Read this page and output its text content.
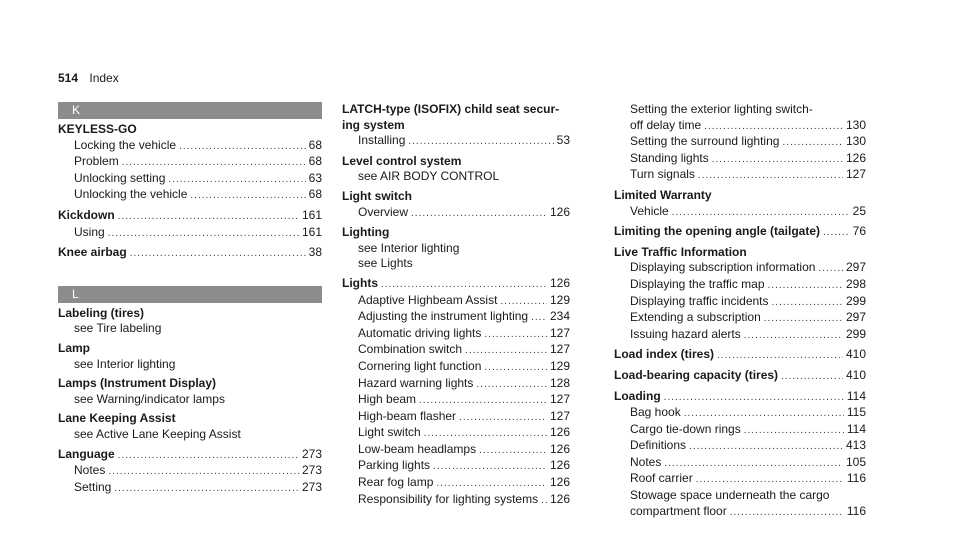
514 Index
K
KEYLESS-GO
Locking the vehicle .....	68
Problem .....	68
Unlocking setting .....	63
Unlocking the vehicle .....	68
Kickdown .....	161
Using .....	161
Knee airbag .....	38
L
Labeling (tires)
see Tire labeling
Lamp
see Interior lighting
Lamps (Instrument Display)
see Warning/indicator lamps
Lane Keeping Assist
see Active Lane Keeping Assist
Language .....	273
Notes .....	273
Setting .....	273
LATCH-type (ISOFIX) child seat secur-
ing system
Installing .....	53
Level control system
see AIR BODY CONTROL
Light switch
Overview .....	126
Lighting
see Interior lighting
see Lights
Lights .....	126
Adaptive Highbeam Assist .....	129
Adjusting the instrument lighting ..... 234
Automatic driving lights .....	127
Combination switch .....	127
Cornering light function .....	129
Hazard warning lights .....	128
High beam .....	127
High-beam flasher .....	127
Light switch .....	126
Low-beam headlamps .....	126
Parking lights .....	126
Rear fog lamp .....	126
Responsibility for lighting systems ..... 126
Setting the exterior lighting switch-
off delay time .....	130
Setting the surround lighting .....	130
Standing lights .....	126
Turn signals .....	127
Limited Warranty
Vehicle .....	25
Limiting the opening angle (tailgate) .....	76
Live Traffic Information
Displaying subscription information .....	297
Displaying the traffic map .....	298
Displaying traffic incidents .....	299
Extending a subscription .....	297
Issuing hazard alerts .....	299
Load index (tires) .....	410
Load-bearing capacity (tires) .....	410
Loading .....	114
Bag hook .....	115
Cargo tie-down rings .....	114
Definitions .....	413
Notes .....	105
Roof carrier .....	116
Stowage space underneath the cargo
compartment floor .....	116
